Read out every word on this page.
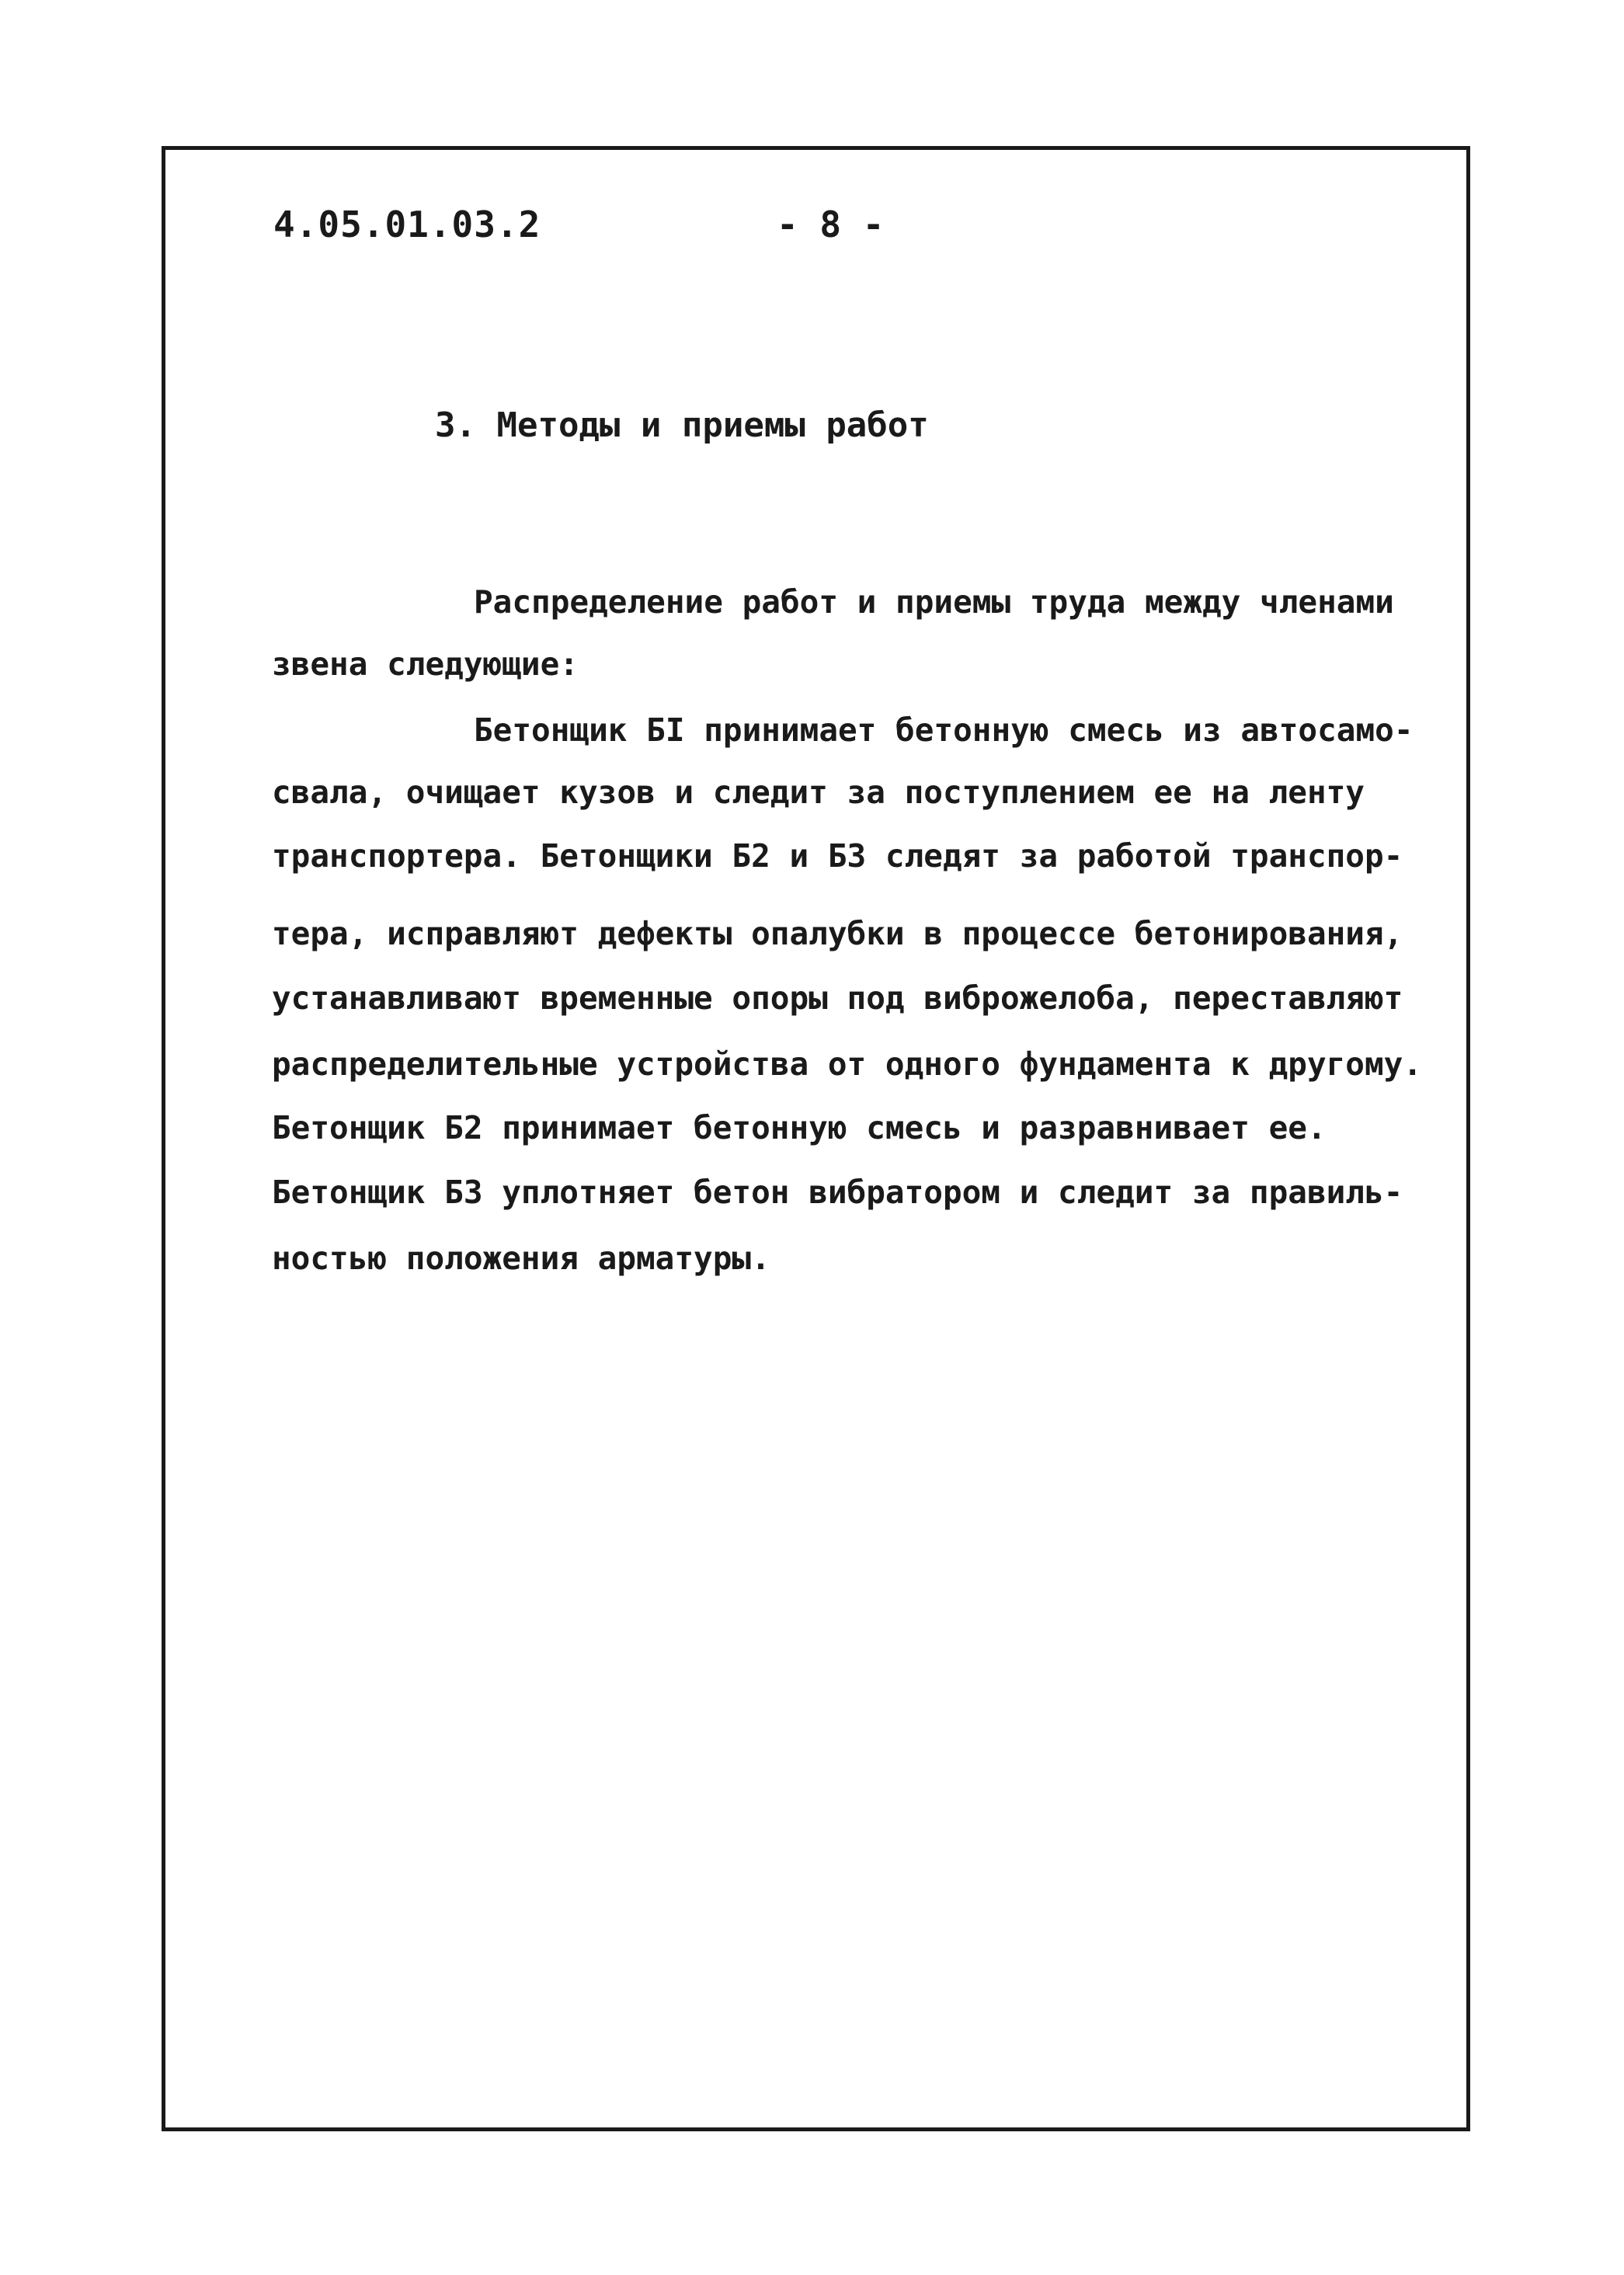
4.05.01.03.2	- 8 -
3. Методы и приемы работ
Распределение работ и приемы труда между членами
звена следующие:
Бетонщик БI принимает бетонную смесь из автосамо-
свала, очищает кузов и следит за поступлением ее на ленту
транспортера. Бетонщики Б2 и Б3 следят за работой транспор-
тера, исправляют дефекты опалубки в процессе бетонирования,
устанавливают временные опоры под виброжелоба, переставляют
распределительные устройства от одного фундамента к другому.
Бетонщик Б2 принимает бетонную смесь и разравнивает ее.
Бетонщик Б3 уплотняет бетон вибратором и следит за правиль-
ностью положения арматуры.
